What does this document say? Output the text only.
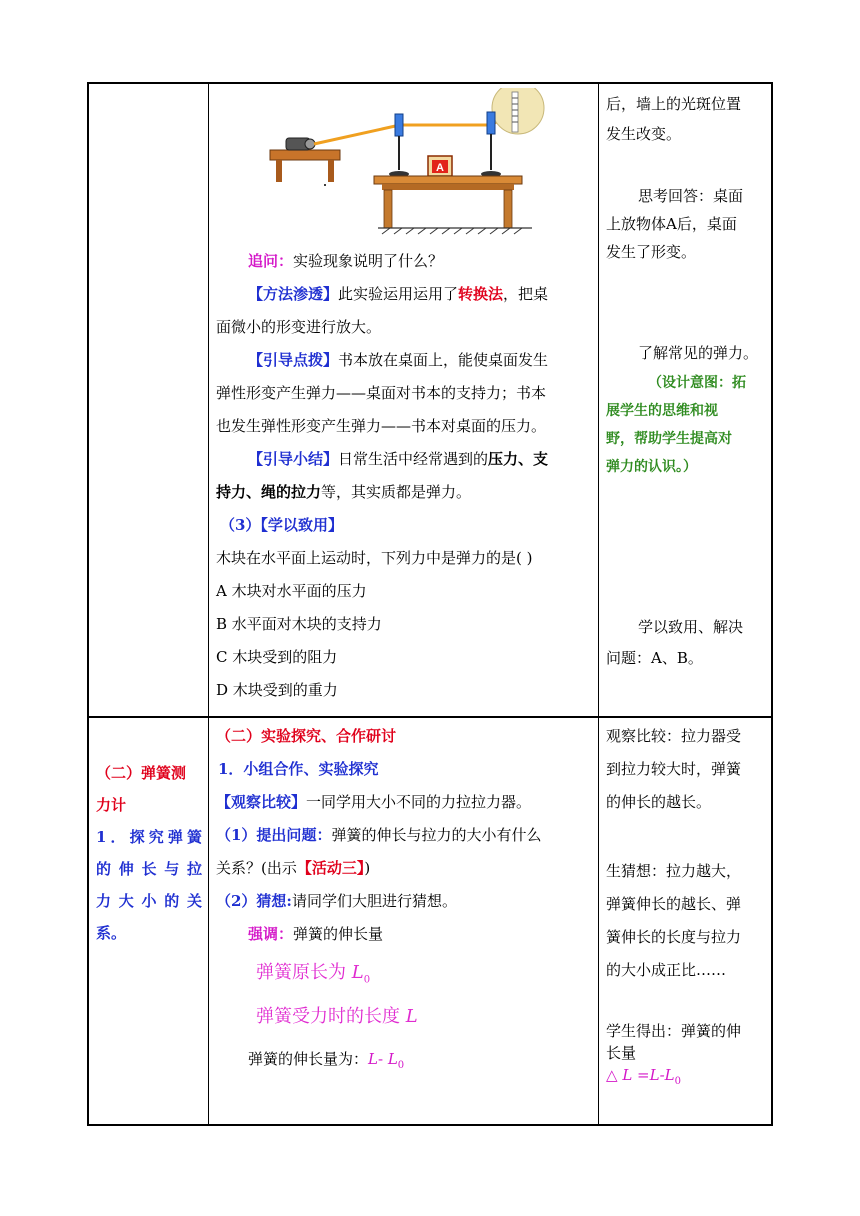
A
追问：实验现象说明了什么？
【方法渗透】此实验运用运用了转换法，把桌
面微小的形变进行放大。
【引导点拨】书本放在桌面上，能使桌面发生
弹性形变产生弹力——桌面对书本的支持力；书本
也发生弹性形变产生弹力——书本对桌面的压力。
【引导小结】日常生活中经常遇到的压力、支
持力、绳的拉力等，其实质都是弹力。
（3）【学以致用】
木块在水平面上运动时，下列力中是弹力的是( )
A 木块对水平面的压力
B 水平面对木块的支持力
C 木块受到的阻力
D 木块受到的重力
后，墙上的光斑位置
发生改变。
思考回答：桌面
上放物体A后，桌面
发生了形变。
了解常见的弹力。
（设计意图：拓
展学生的思维和视
野，帮助学生提高对
弹力的认识。）
学以致用、解决
问题：A、B。
（二）弹簧测
力计
1．探究弹簧
的伸长与拉
力大小的关
系。
（二）实验探究、合作研讨
1．小组合作、实验探究
【观察比较】一同学用大小不同的力拉拉力器。
（1）提出问题：弹簧的伸长与拉力的大小有什么
关系？(出示【活动三】)
（2）猜想:请同学们大胆进行猜想。
强调：弹簧的伸长量
弹簧原长为 $L_0$
弹簧受力时的长度 L
弹簧的伸长量为：L- $L_0$
观察比较：拉力器受
到拉力较大时，弹簧
的伸长的越长。
生猜想：拉力越大，
弹簧伸长的越长、弹
簧伸长的长度与拉力
的大小成正比……
学生得出：弹簧的伸
长量
△ $L =L-L_0$
